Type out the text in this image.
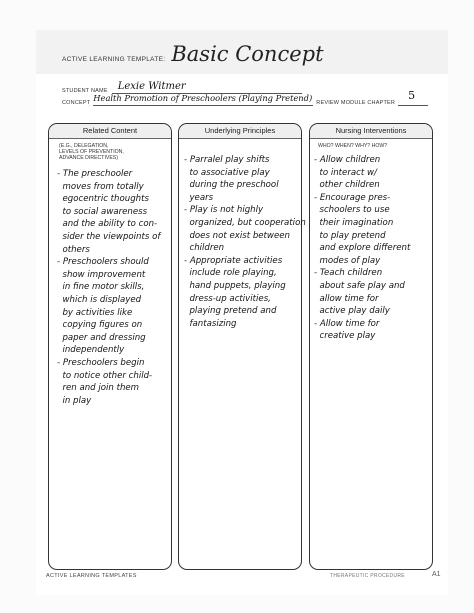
ACTIVE LEARNING TEMPLATE: Basic Concept
STUDENT NAME Lexie Witmer
CONCEPT Health Promotion of Preschoolers (Playing Pretend) REVIEW MODULE CHAPTER
5
Related Content
(E.G., DELEGATION,
LEVELS OF PREVENTION,
ADVANCE DIRECTIVES)
- The preschooler
moves from totally
egocentric thoughts
to social awareness
and the ability to con-
sider the viewpoints of
others
- Preschoolers should
show improvement
in fine motor skills,
which is displayed
by activities like
copying figures on
paper and dressing
independently
- Preschoolers begin
to notice other child-
ren and join them
in play
Underlying Principles
- Parralel play shifts
to associative play
during the preschool
years
- Play is not highly
organized, but cooperation
does not exist between
children
- Appropriate activities
include role playing,
hand puppets, playing
dress-up activities,
playing pretend and
fantasizing
Nursing Interventions
WHO? WHEN? WHY? HOW?
- Allow children
to interact w/
other children
- Encourage pres-
schoolers to use
their imagination
to play pretend
and explore different
modes of play
- Teach children
about safe play and
allow time for
active play daily
- Allow time for
creative play
ACTIVE LEARNING TEMPLATES	THERAPEUTIC PROCEDURE	A1
